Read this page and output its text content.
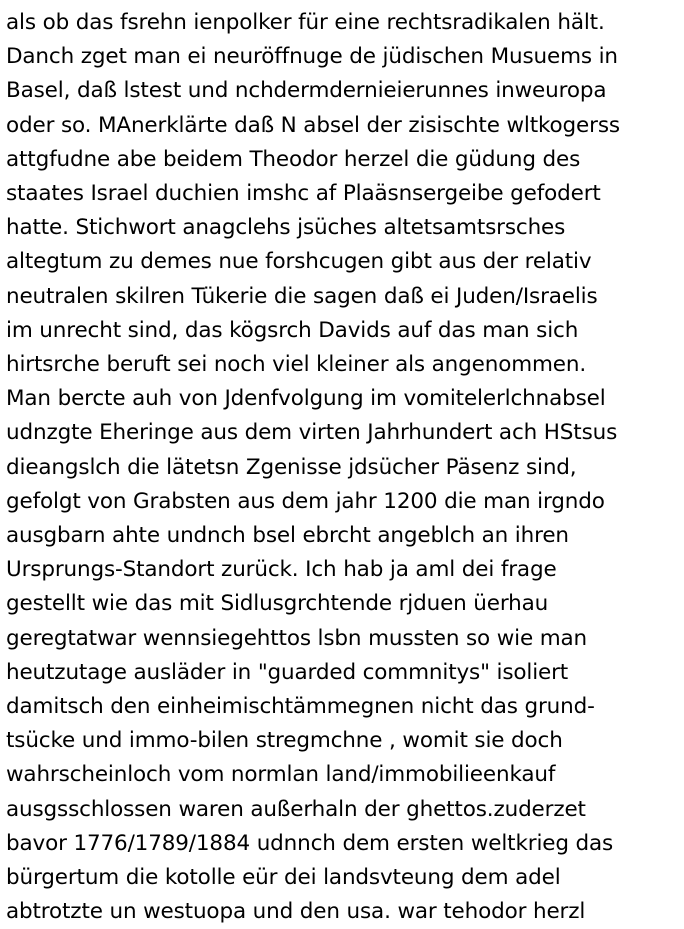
als ob das fsrehn ienpolker für eine rechtsradikalen hält.
Danch zget man ei neuröffnuge de jüdischen Musuems in
Basel, daß lstest und nchdermdernieierunnes inweuropa
oder so. MAnerklärte daß N absel der zisischte wltkogerss
attgfudne abe beidem Theodor herzel die güdung des
staates Israel duchien imshc af Plaäsnsergeibe gefodert
hatte. Stichwort anagclehs jsüches altetsamtsrsches
altegtum zu demes nue forshcugen gibt aus der relativ
neutralen skilren Tükerie die sagen daß ei Juden/Israelis
im unrecht sind, das kögsrch Davids auf das man sich
hirtsrche beruft sei noch viel kleiner als angenommen.
Man bercte auh von Jdenfvolgung im vomitelerlchnabsel
udnzgte Eheringe aus dem virten Jahrhundert ach HStsus
dieangslch die lätetsn Zgenisse jdsücher Päsenz sind,
gefolgt von Grabsten aus dem jahr 1200 die man irgndo
ausgbarn ahte undnch bsel ebrcht angeblch an ihren
Ursprungs-Standort zurück. Ich hab ja aml dei frage
gestellt wie das mit Sidlusgrchtende rjduen üerhau
geregtatwar wennsiegehttos lsbn mussten so wie man
heutzutage ausläder in "guarded commnitys" isoliert
damitsch den einheimischtämmegnen nicht das grund-
tsücke und immo-bilen stregmchne , womit sie doch
wahrscheinloch vom normlan land/immobilieenkauf
ausgsschlossen waren außerhaln der ghettos.zuderzet
bavor 1776/1789/1884 udnnch dem ersten weltkrieg das
bürgertum die kotolle eür dei landsvteung dem adel
abtrotzte un westuopa und den usa. war tehodor herzl
